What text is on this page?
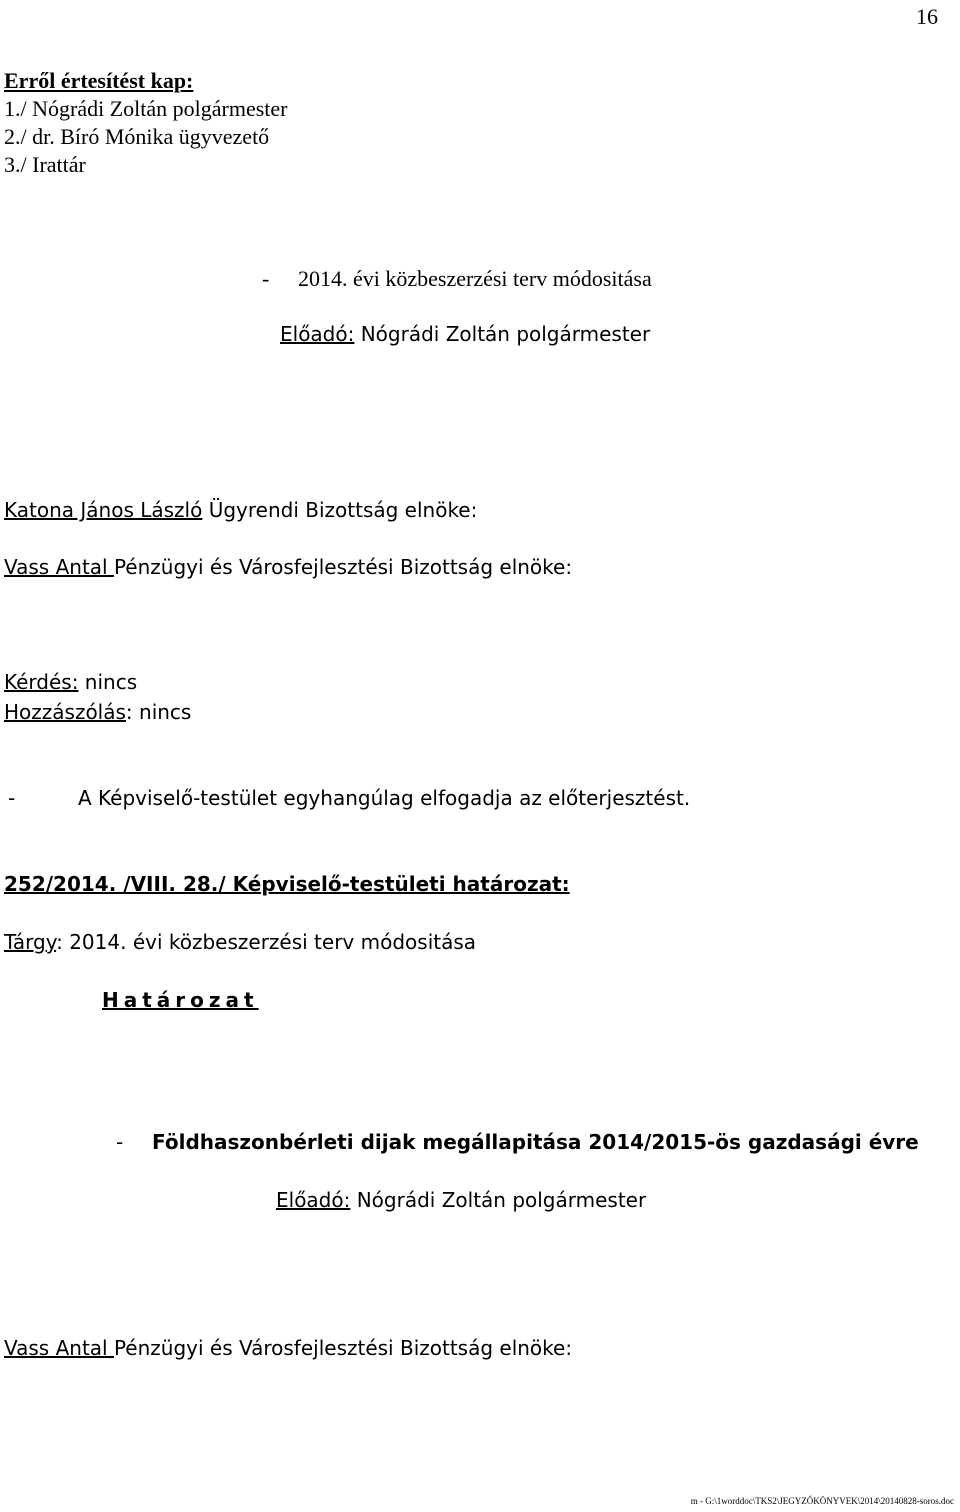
16
Erről értesítést kap:
1./ Nógrádi Zoltán polgármester
2./ dr. Bíró Mónika ügyvezető
3./ Irattár
- 2014. évi közbeszerzési terv módositása
Előadó: Nógrádi Zoltán polgármester
Katona János László Ügyrendi Bizottság elnöke:
Vass Antal Pénzügyi és Városfejlesztési Bizottság elnöke:
Kérdés: nincs
Hozzászólás: nincs
-	A Képviselő-testület egyhangúlag elfogadja az előterjesztést.
252/2014. /VIII. 28./ Képviselő-testületi határozat:
Tárgy: 2014. évi közbeszerzési terv módositása
Határozat
- Földhaszonbérleti dijak megállapitása 2014/2015-ös gazdasági évre
Előadó: Nógrádi Zoltán polgármester
Vass Antal Pénzügyi és Városfejlesztési Bizottság elnöke:
m - G:\1worddoc\TKS2\JEGYZŐKÖNYVEK\2014\20140828-soros.doc
